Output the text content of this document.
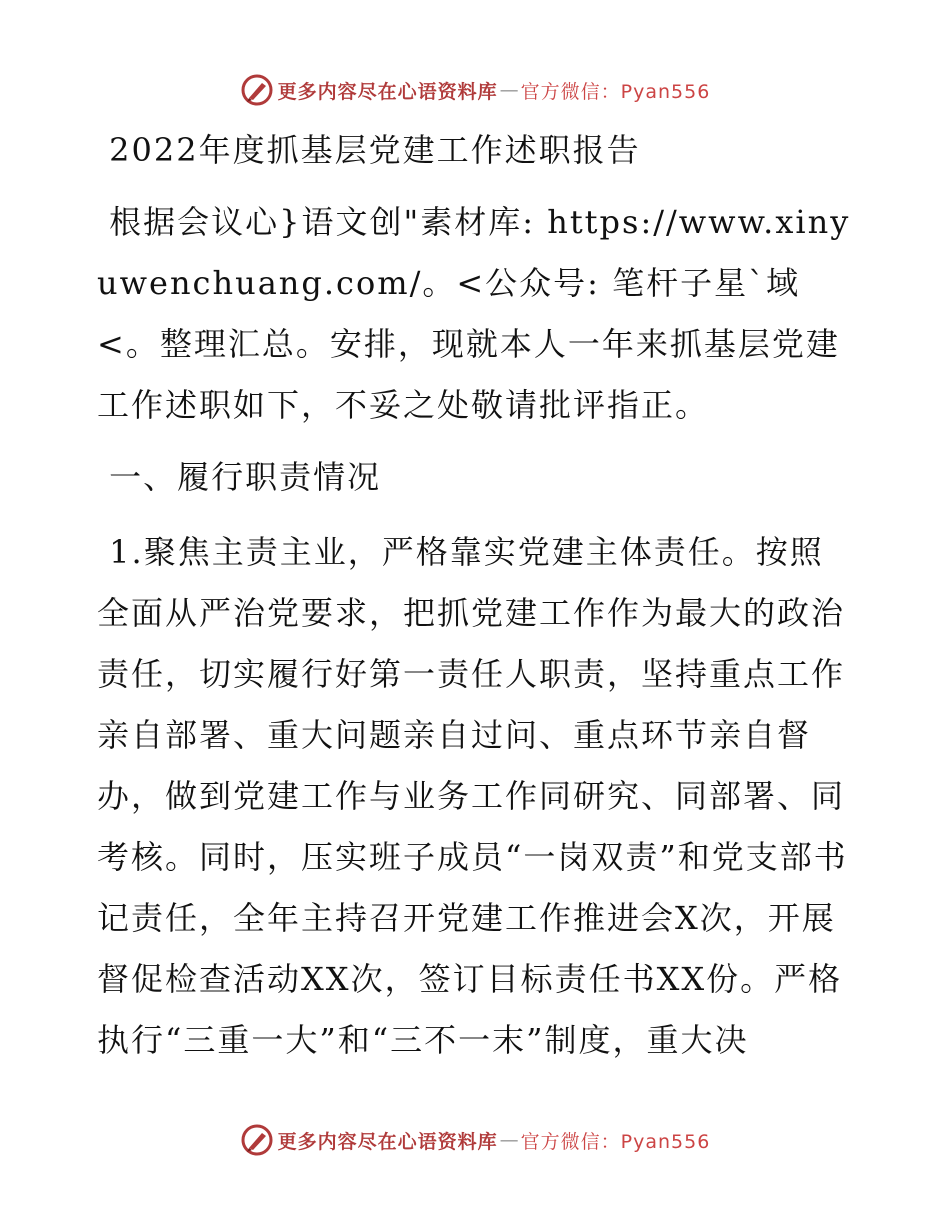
更多内容尽在心语资料库 — 官方微信：Pyan556

2022年度抓基层党建工作述职报告

根据会议心}语文创"素材库: https://www.xinyuwenchuang.com/。<公众号: 笔杆子星`域<。整理汇总。安排，现就本人一年来抓基层党建工作述职如下，不妥之处敬请批评指正。

一、履行职责情况

1.聚焦主责主业，严格靠实党建主体责任。按照全面从严治党要求，把抓党建工作作为最大的政治责任，切实履行好第一责任人职责，坚持重点工作亲自部署、重大问题亲自过问、重点环节亲自督办，做到党建工作与业务工作同研究、同部署、同考核。同时，压实班子成员“一岗双责”和党支部书记责任，全年主持召开党建工作推进会X次，开展督促检查活动XX次，签订目标责任书XX份。严格执行“三重一大”和“三不一末”制度，重大决

更多内容尽在心语资料库 — 官方微信：Pyan556
